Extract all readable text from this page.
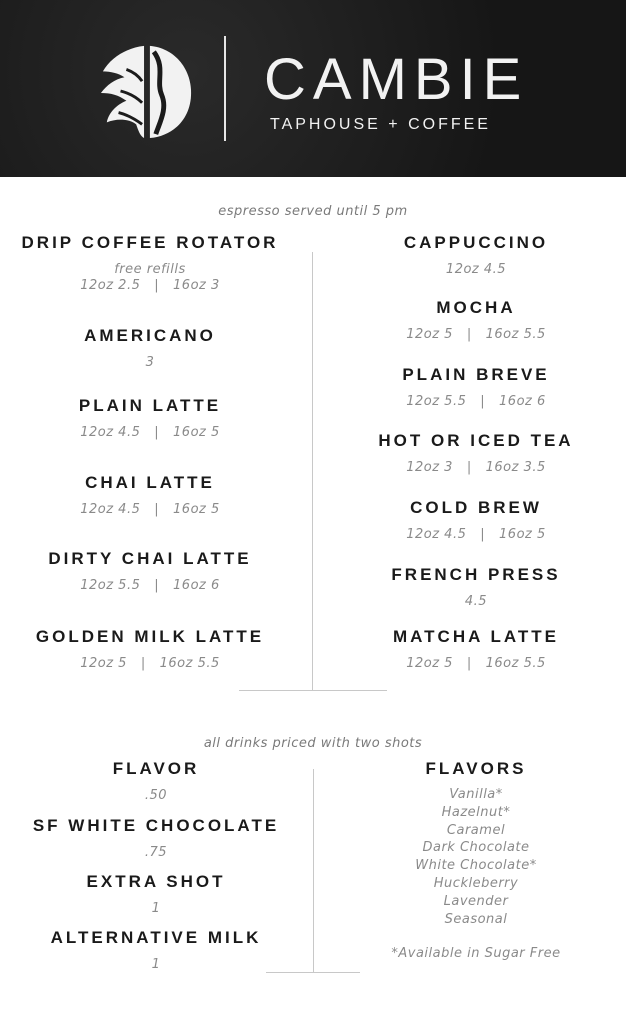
CAMBIE
TAPHOUSE + COFFEE
espresso served until 5 pm
DRIP COFFEE ROTATOR
free refills
12oz 2.5   |   16oz 3
AMERICANO
3
PLAIN LATTE
12oz 4.5   |   16oz 5
CHAI LATTE
12oz 4.5   |   16oz 5
DIRTY CHAI LATTE
12oz 5.5   |   16oz 6
GOLDEN MILK LATTE
12oz 5   |   16oz 5.5
CAPPUCCINO
12oz 4.5
MOCHA
12oz 5   |   16oz 5.5
PLAIN BREVE
12oz 5.5   |   16oz 6
HOT OR ICED TEA
12oz 3   |   16oz 3.5
COLD BREW
12oz 4.5   |   16oz 5
FRENCH PRESS
4.5
MATCHA LATTE
12oz 5   |   16oz 5.5
all drinks priced with two shots
FLAVOR
.50
SF WHITE CHOCOLATE
.75
EXTRA SHOT
1
ALTERNATIVE MILK
1
FLAVORS
Vanilla*
Hazelnut*
Caramel
Dark Chocolate
White Chocolate*
Huckleberry
Lavender
Seasonal
*Available in Sugar Free
